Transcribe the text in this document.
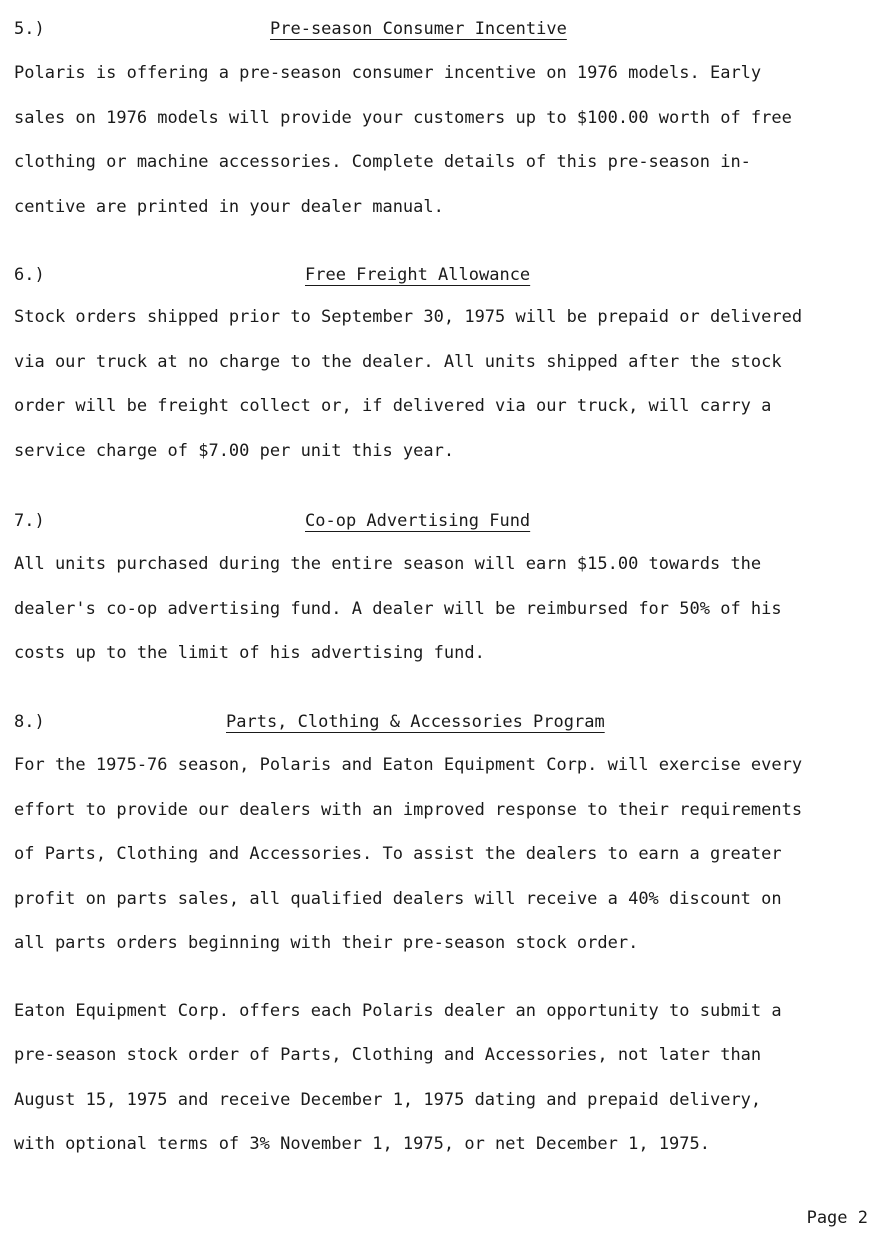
5.)	Pre-season Consumer Incentive

Polaris is offering a pre-season consumer incentive on 1976 models. Early
sales on 1976 models will provide your customers up to $100.00 worth of free
clothing or machine accessories. Complete details of this pre-season in-
centive are printed in your dealer manual.

6.)	Free Freight Allowance

Stock orders shipped prior to September 30, 1975 will be prepaid or delivered
via our truck at no charge to the dealer. All units shipped after the stock
order will be freight collect or, if delivered via our truck, will carry a
service charge of $7.00 per unit this year.

7.)	Co-op Advertising Fund

All units purchased during the entire season will earn $15.00 towards the
dealer's co-op advertising fund. A dealer will be reimbursed for 50% of his
costs up to the limit of his advertising fund.

8.)	Parts, Clothing & Accessories Program

For the 1975-76 season, Polaris and Eaton Equipment Corp. will exercise every
effort to provide our dealers with an improved response to their requirements
of Parts, Clothing and Accessories. To assist the dealers to earn a greater
profit on parts sales, all qualified dealers will receive a 40% discount on
all parts orders beginning with their pre-season stock order.

Eaton Equipment Corp. offers each Polaris dealer an opportunity to submit a
pre-season stock order of Parts, Clothing and Accessories, not later than
August 15, 1975 and receive December 1, 1975 dating and prepaid delivery,
with optional terms of 3% November 1, 1975, or net December 1, 1975.

Page 2
